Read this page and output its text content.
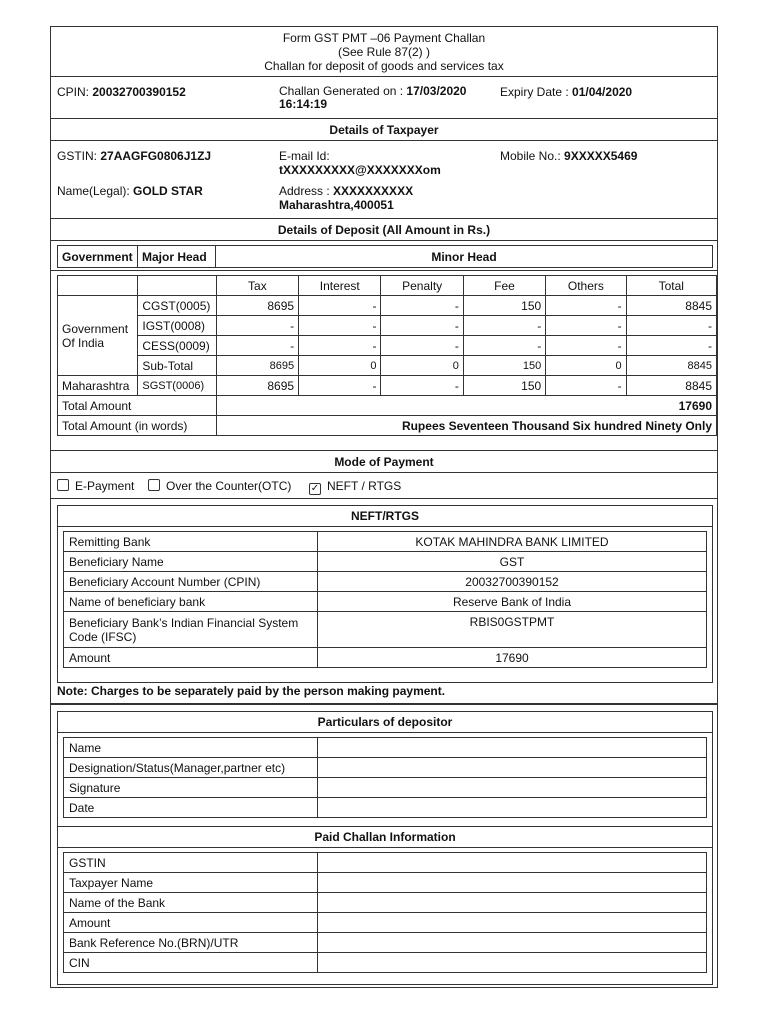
Form GST PMT –06 Payment Challan
(See Rule 87(2) )
Challan for deposit of goods and services tax
CPIN: 20032700390152	Challan Generated on : 17/03/2020
16:14:19
Expiry Date : 01/04/2020
Details of Taxpayer
GSTIN: 27AAGFG0806J1ZJ	E-mail Id:
tXXXXXXXXX@XXXXXXXom
Mobile No.: 9XXXXX5469
Name(Legal): GOLD STAR	Address : XXXXXXXXXX
Maharashtra,400051
Details of Deposit (All Amount in Rs.)
Government	Major Head	Minor Head
		Tax	Interest	Penalty	Fee	Others	Total
Government Of India	CGST(0005)	8695	-	-	150	-	8845
	IGST(0008)	-	-	-	-	-	-
	CESS(0009)	-	-	-	-	-	-
	Sub-Total	8695	0	0	150	0	8845
Maharashtra	SGST(0006)	8695	-	-	150	-	8845
Total Amount		17690					
Total Amount (in words)		Rupees Seventeen Thousand Six hundred Ninety Only					
Mode of Payment
E-Payment	Over the Counter(OTC) ✓ NEFT / RTGS
NEFT/RTGS
Remitting Bank	KOTAK MAHINDRA BANK LIMITED
Beneficiary Name	GST
Beneficiary Account Number (CPIN)	20032700390152
Name of beneficiary bank	Reserve Bank of India
Beneficiary Bank’s Indian Financial System Code (IFSC)	RBIS0GSTPMT
Amount	17690
Note: Charges to be separately paid by the person making payment.
Particulars of depositor
Name	
Designation/Status(Manager,partner etc)	
Signature	
Date	
Paid Challan Information
GSTIN	
Taxpayer Name	
Name of the Bank	
Amount	
Bank Reference No.(BRN)/UTR	
CIN	
